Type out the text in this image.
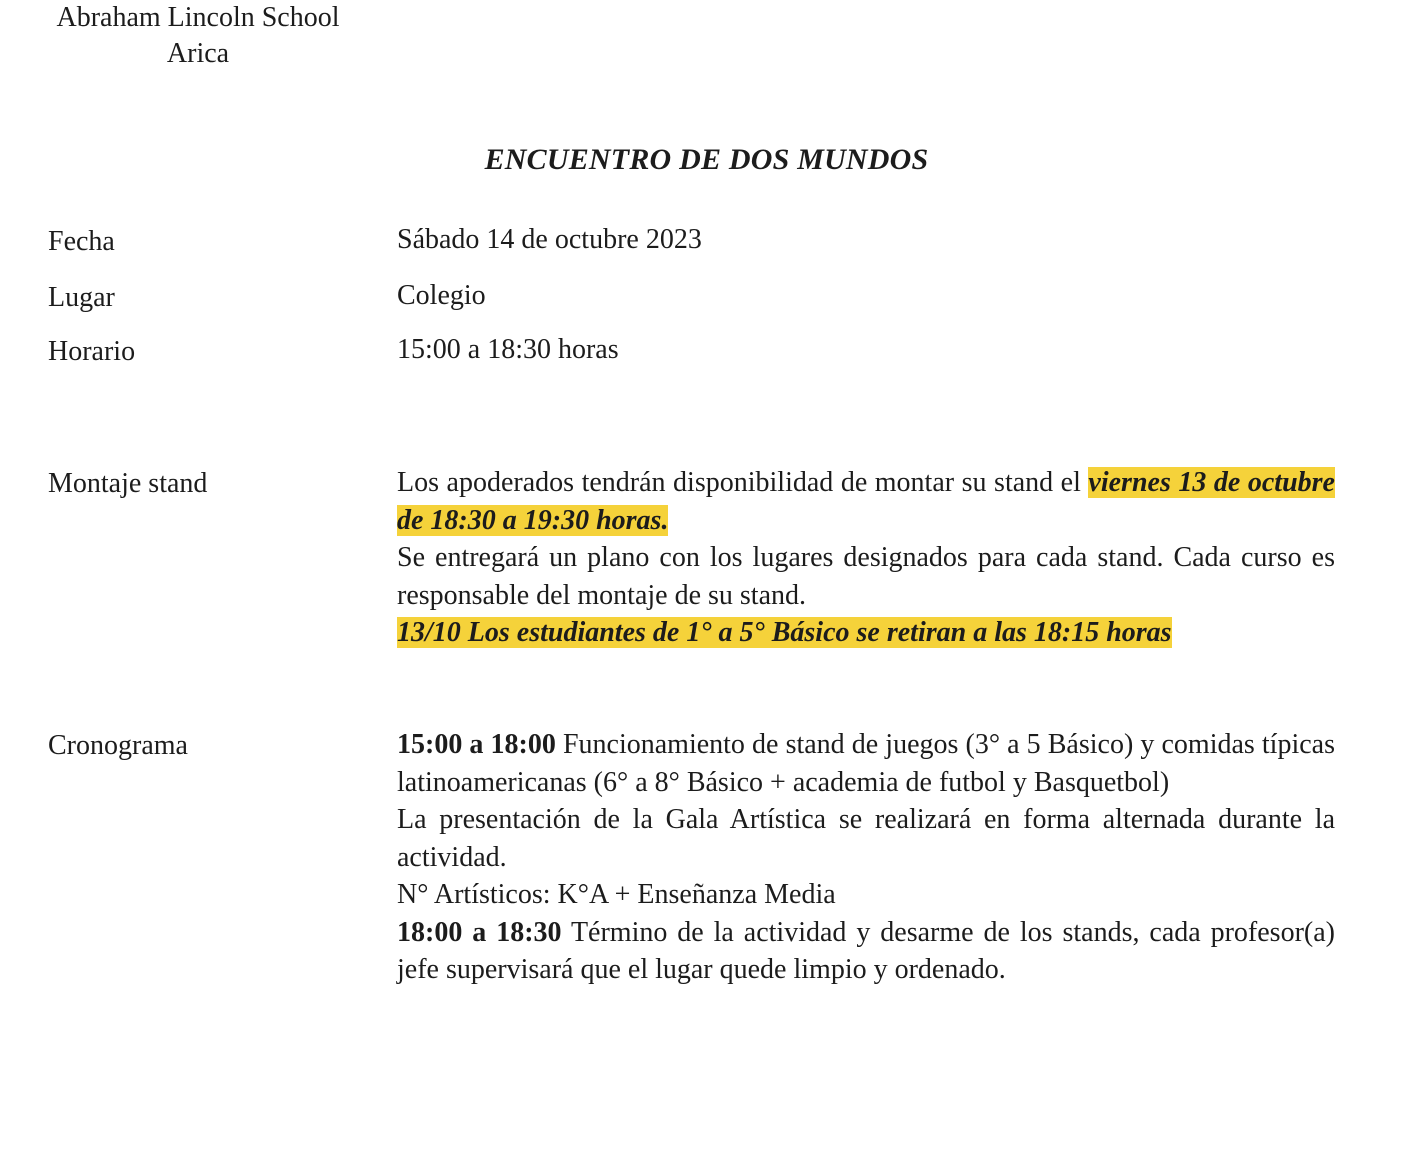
Abraham Lincoln School
Arica
ENCUENTRO DE DOS MUNDOS
Fecha	Sábado 14 de octubre 2023
Lugar	Colegio
Horario	15:00 a 18:30 horas
Montaje stand	Los apoderados tendrán disponibilidad de montar su stand el viernes 13 de octubre de 18:30 a 19:30 horas.

Se entregará un plano con los lugares designados para cada stand. Cada curso es responsable del montaje de su stand.

13/10 Los estudiantes de 1° a 5° Básico se retiran a las 18:15 horas

Cronograma	15:00 a 18:00 Funcionamiento de stand de juegos (3° a 5 Básico) y comidas típicas latinoamericanas (6° a 8° Básico + academia de futbol y Basquetbol)

La presentación de la Gala Artística se realizará en forma alternada durante la actividad.

N° Artísticos: K°A + Enseñanza Media

18:00 a 18:30 Término de la actividad y desarme de los stands, cada profesor(a) jefe supervisará que el lugar quede limpio y ordenado.
